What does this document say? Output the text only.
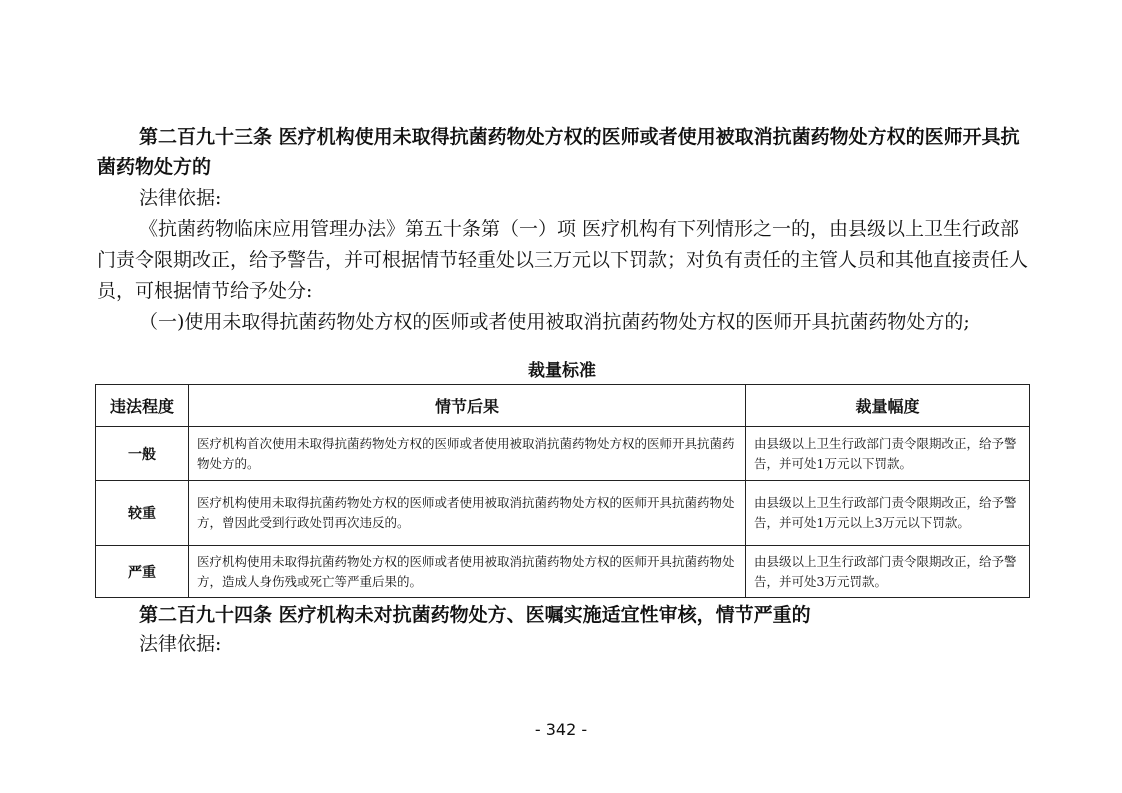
第二百九十三条 医疗机构使用未取得抗菌药物处方权的医师或者使用被取消抗菌药物处方权的医师开具抗菌药物处方的

法律依据:

《抗菌药物临床应用管理办法》第五十条第（一）项 医疗机构有下列情形之一的，由县级以上卫生行政部门责令限期改正，给予警告，并可根据情节轻重处以三万元以下罚款；对负有责任的主管人员和其他直接责任人员，可根据情节给予处分:

（一)使用未取得抗菌药物处方权的医师或者使用被取消抗菌药物处方权的医师开具抗菌药物处方的;

裁量标准
违法程度	情节后果	裁量幅度
一般	医疗机构首次使用未取得抗菌药物处方权的医师或者使用被取消抗菌药物处方权的医师开具抗菌药物处方的。	由县级以上卫生行政部门责令限期改正，给予警告，并可处1万元以下罚款。
较重	医疗机构使用未取得抗菌药物处方权的医师或者使用被取消抗菌药物处方权的医师开具抗菌药物处方，曾因此受到行政处罚再次违反的。	由县级以上卫生行政部门责令限期改正，给予警告，并可处1万元以上3万元以下罚款。
严重	医疗机构使用未取得抗菌药物处方权的医师或者使用被取消抗菌药物处方权的医师开具抗菌药物处方，造成人身伤残或死亡等严重后果的。	由县级以上卫生行政部门责令限期改正，给予警告，并可处3万元罚款。
第二百九十四条 医疗机构未对抗菌药物处方、医嘱实施适宜性审核，情节严重的

法律依据:

- 342 -
